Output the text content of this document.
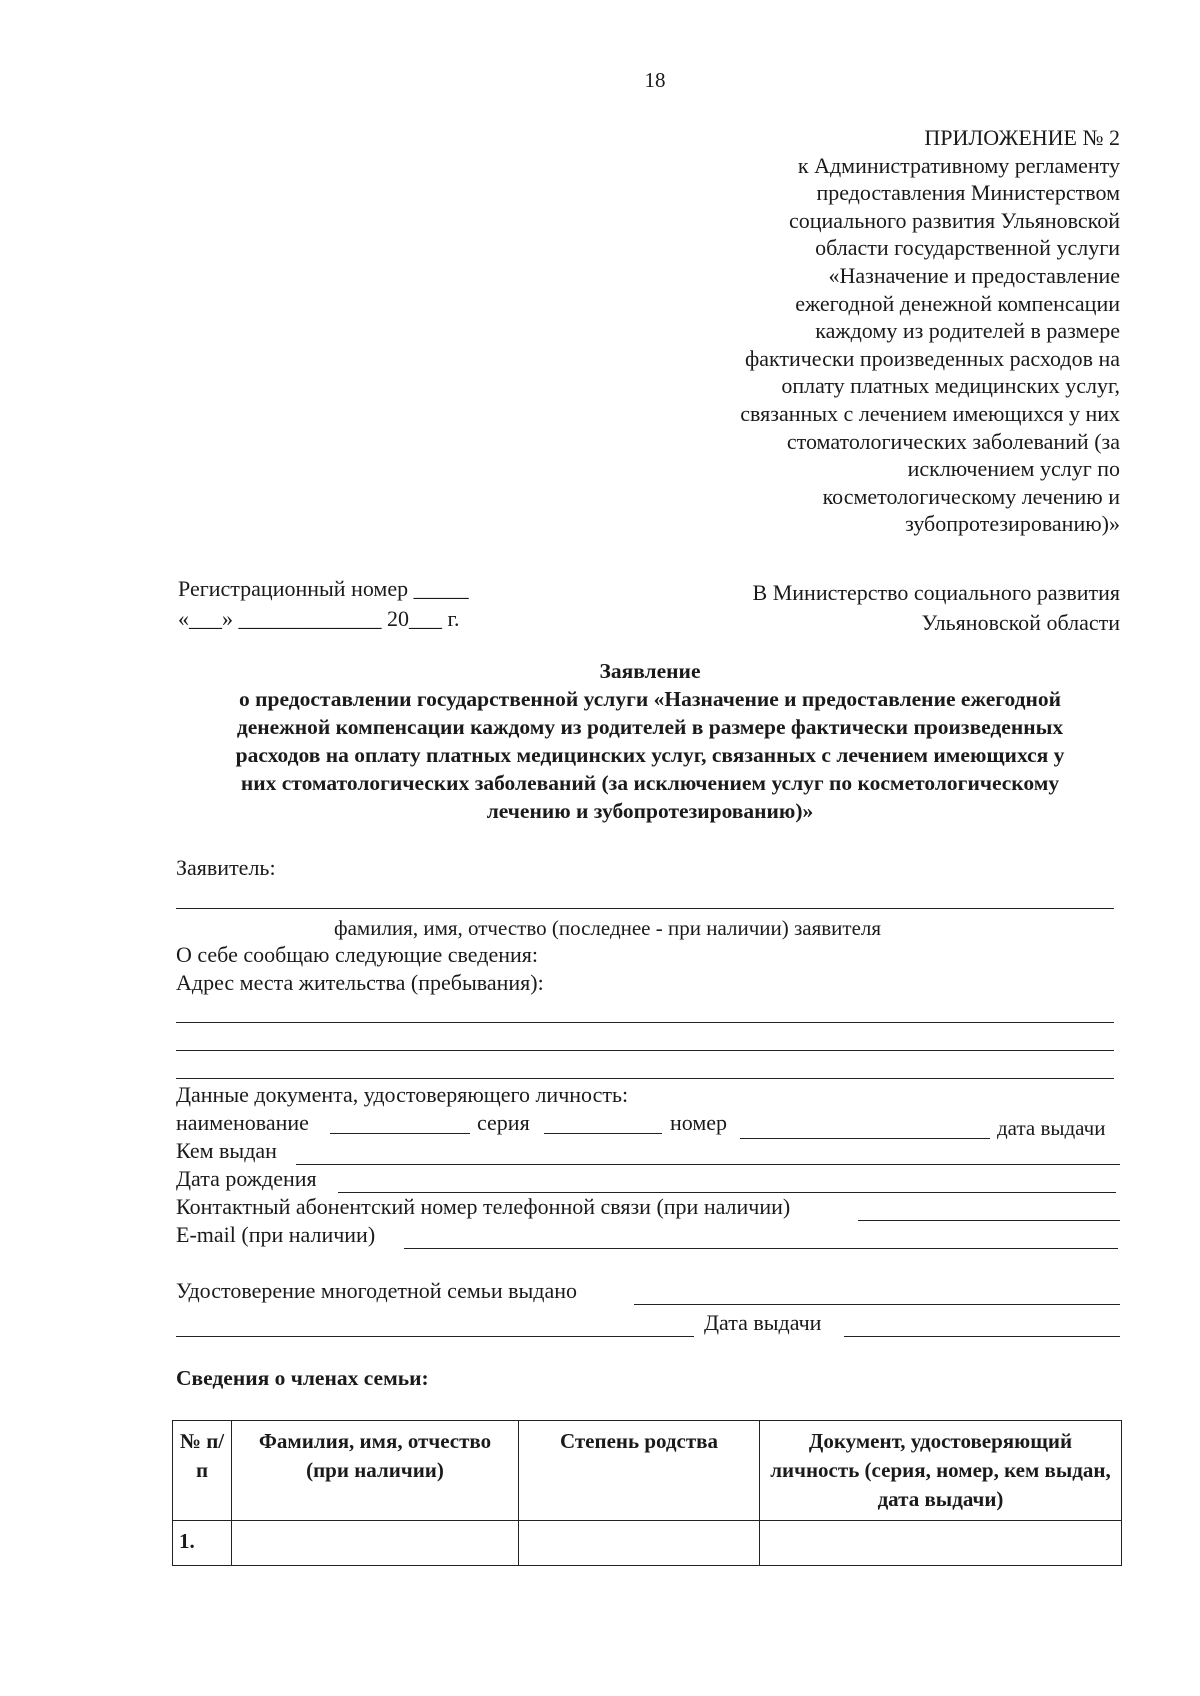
18
ПРИЛОЖЕНИЕ № 2
к Административному регламенту
предоставления Министерством
социального развития Ульяновской
области государственной услуги
«Назначение и предоставление
ежегодной денежной компенсации
каждому из родителей в размере
фактически произведенных расходов на
оплату платных медицинских услуг,
связанных с лечением имеющихся у них
стоматологических заболеваний (за
исключением услуг по
косметологическому лечению и
зубопротезированию)»
Регистрационный номер _____
«___» _____________ 20___ г.
В Министерство социального развития
Ульяновской области
Заявление
о предоставлении государственной услуги «Назначение и предоставление ежегодной
денежной компенсации каждому из родителей в размере фактически произведенных
расходов на оплату платных медицинских услуг, связанных с лечением имеющихся у
них стоматологических заболеваний (за исключением услуг по косметологическому
лечению и зубопротезированию)»
Заявитель:
фамилия, имя, отчество (последнее - при наличии) заявителя
О себе сообщаю следующие сведения:
Адрес места жительства (пребывания):
Данные документа, удостоверяющего личность:
наименование	серия	номер	дата выдачи
Кем выдан
Дата рождения
Контактный абонентский номер телефонной связи (при наличии)
E-mail (при наличии)
Удостоверение многодетной семьи выдано
Дата выдачи
Сведения о членах семьи:
№ п/п	Фамилия, имя, отчество (при наличии)	Степень родства	Документ, удостоверяющий личность (серия, номер, кем выдан, дата выдачи)
1.			
